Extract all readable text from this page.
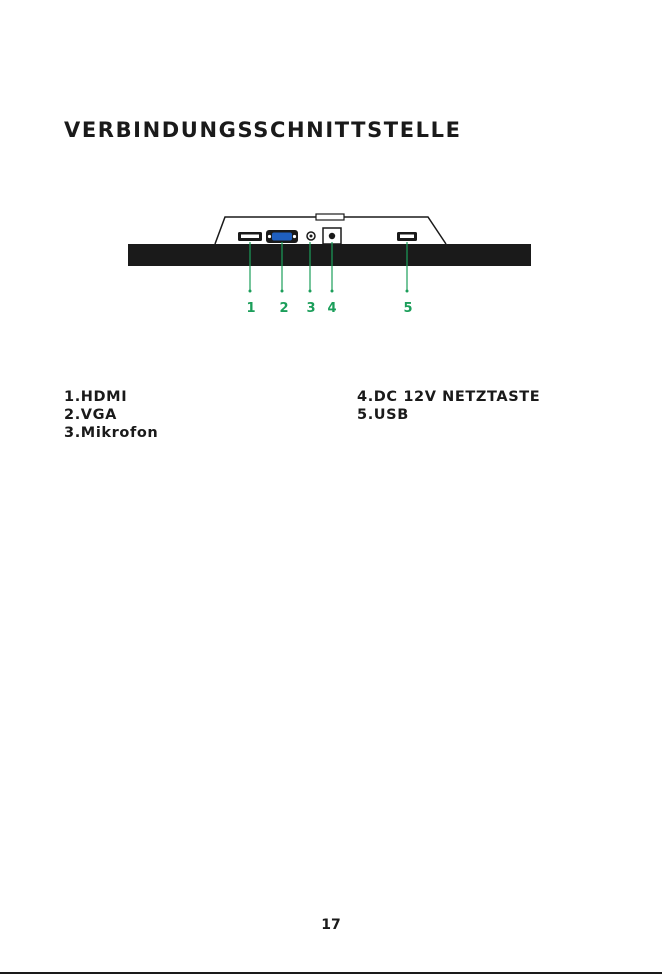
VERBINDUNGSSCHNITTSTELLE
1	2	3 4	5
1.HDMI
2.VGA
3.Mikrofon
4.DC 12V NETZTASTE
5.USB
17
